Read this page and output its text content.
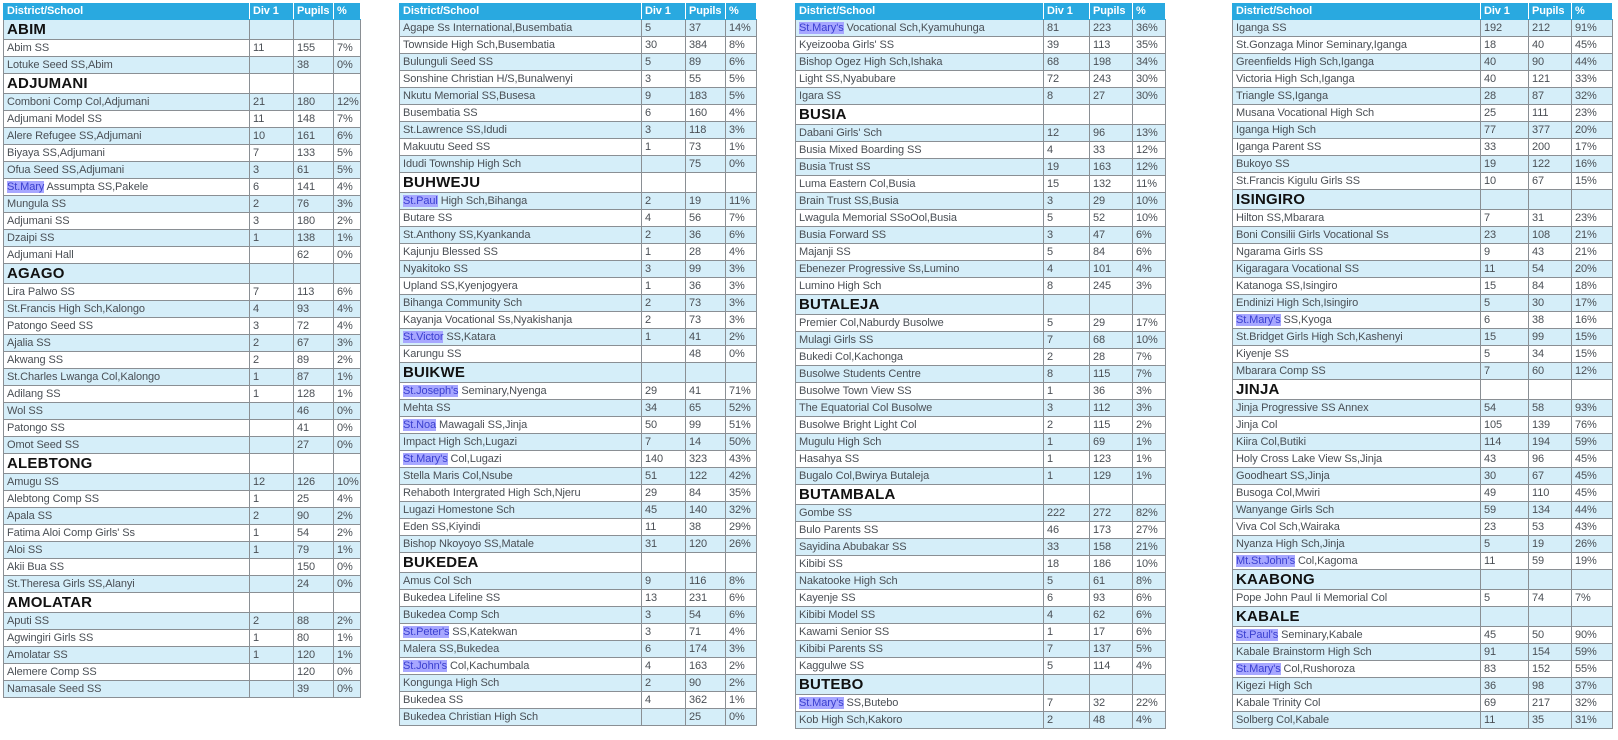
District/School	Div 1	Pupils	%
ABIM			
Abim SS	11	155	7%
Lotuke Seed SS,Abim		38	0%
ADJUMANI			
Comboni Comp Col,Adjumani	21	180	12%
Adjumani Model SS	11	148	7%
Alere Refugee SS,Adjumani	10	161	6%
Biyaya SS,Adjumani	7	133	5%
Ofua Seed SS,Adjumani	3	61	5%
St.Mary Assumpta SS,Pakele	6	141	4%
Mungula SS	2	76	3%
Adjumani SS	3	180	2%
Dzaipi SS	1	138	1%
Adjumani Hall		62	0%
AGAGO			
Lira Palwo SS	7	113	6%
St.Francis High Sch,Kalongo	4	93	4%
Patongo Seed SS	3	72	4%
Ajalia SS	2	67	3%
Akwang SS	2	89	2%
St.Charles Lwanga Col,Kalongo	1	87	1%
Adilang SS	1	128	1%
Wol SS		46	0%
Patongo SS		41	0%
Omot Seed SS		27	0%
ALEBTONG			
Amugu SS	12	126	10%
Alebtong Comp SS	1	25	4%
Apala SS	2	90	2%
Fatima Aloi Comp Girls' Ss	1	54	2%
Aloi SS	1	79	1%
Akii Bua SS		150	0%
St.Theresa Girls SS,Alanyi		24	0%
AMOLATAR			
Aputi SS	2	88	2%
Agwingiri Girls SS	1	80	1%
Amolatar SS	1	120	1%
Alemere Comp SS		120	0%
Namasale Seed SS		39	0%
District/School	Div 1	Pupils	%
Agape Ss International,Busembatia	5	37	14%
Townside High Sch,Busembatia	30	384	8%
Bulunguli Seed SS	5	89	6%
Sonshine Christian H/S,Bunalwenyi	3	55	5%
Nkutu Memorial SS,Busesa	9	183	5%
Busembatia SS	6	160	4%
St.Lawrence SS,Idudi	3	118	3%
Makuutu Seed SS	1	73	1%
Idudi Township High Sch		75	0%
BUHWEJU			
St.Paul High Sch,Bihanga	2	19	11%
Butare SS	4	56	7%
St.Anthony SS,Kyankanda	2	36	6%
Kajunju Blessed SS	1	28	4%
Nyakitoko SS	3	99	3%
Upland SS,Kyenjogyera	1	36	3%
Bihanga Community Sch	2	73	3%
Kayanja Vocational Ss,Nyakishanja	2	73	3%
St.Victor SS,Katara	1	41	2%
Karungu SS		48	0%
BUIKWE			
St.Joseph's Seminary,Nyenga	29	41	71%
Mehta SS	34	65	52%
St.Noa Mawagali SS,Jinja	50	99	51%
Impact High Sch,Lugazi	7	14	50%
St.Mary's Col,Lugazi	140	323	43%
Stella Maris Col,Nsube	51	122	42%
Rehaboth Intergrated High Sch,Njeru	29	84	35%
Lugazi Homestone Sch	45	140	32%
Eden SS,Kiyindi	11	38	29%
Bishop Nkoyoyo SS,Matale	31	120	26%
BUKEDEA			
Amus Col Sch	9	116	8%
Bukedea Lifeline SS	13	231	6%
Bukedea Comp Sch	3	54	6%
St.Peter's SS,Katekwan	3	71	4%
Malera SS,Bukedea	6	174	3%
St.John's Col,Kachumbala	4	163	2%
Kongunga High Sch	2	90	2%
Bukedea SS	4	362	1%
Bukedea Christian High Sch		25	0%
District/School	Div 1	Pupils	%
St.Mary's Vocational Sch,Kyamuhunga	81	223	36%
Kyeizooba Girls' SS	39	113	35%
Bishop Ogez High Sch,Ishaka	68	198	34%
Light SS,Nyabubare	72	243	30%
Igara SS	8	27	30%
BUSIA			
Dabani Girls' Sch	12	96	13%
Busia Mixed Boarding SS	4	33	12%
Busia Trust SS	19	163	12%
Luma Eastern Col,Busia	15	132	11%
Brain Trust SS,Busia	3	29	10%
Lwagula Memorial SSoOol,Busia	5	52	10%
Busia Forward SS	3	47	6%
Majanji SS	5	84	6%
Ebenezer Progressive Ss,Lumino	4	101	4%
Lumino High Sch	8	245	3%
BUTALEJA			
Premier Col,Naburdy Busolwe	5	29	17%
Mulagi Girls SS	7	68	10%
Bukedi Col,Kachonga	2	28	7%
Busolwe Students Centre	8	115	7%
Busolwe Town View SS	1	36	3%
The Equatorial Col Busolwe	3	112	3%
Busolwe Bright Light Col	2	115	2%
Mugulu High Sch	1	69	1%
Hasahya SS	1	123	1%
Bugalo Col,Bwirya Butaleja	1	129	1%
BUTAMBALA			
Gombe SS	222	272	82%
Bulo Parents SS	46	173	27%
Sayidina Abubakar SS	33	158	21%
Kibibi SS	18	186	10%
Nakatooke High Sch	5	61	8%
Kayenje SS	6	93	6%
Kibibi Model SS	4	62	6%
Kawami Senior SS	1	17	6%
Kibibi Parents SS	7	137	5%
Kaggulwe SS	5	114	4%
BUTEBO			
St.Mary's SS,Butebo	7	32	22%
Kob High Sch,Kakoro	2	48	4%
District/School	Div 1	Pupils	%
Iganga SS	192	212	91%
St.Gonzaga Minor Seminary,Iganga	18	40	45%
Greenfields High Sch,Iganga	40	90	44%
Victoria High Sch,Iganga	40	121	33%
Triangle SS,Iganga	28	87	32%
Musana Vocational High Sch	25	111	23%
Iganga High Sch	77	377	20%
Iganga Parent SS	33	200	17%
Bukoyo SS	19	122	16%
St.Francis Kigulu Girls SS	10	67	15%
ISINGIRO			
Hilton SS,Mbarara	7	31	23%
Boni Consilii Girls Vocational Ss	23	108	21%
Ngarama Girls SS	9	43	21%
Kigaragara Vocational SS	11	54	20%
Katanoga SS,Isingiro	15	84	18%
Endinizi High Sch,Isingiro	5	30	17%
St.Mary's SS,Kyoga	6	38	16%
St.Bridget Girls High Sch,Kashenyi	15	99	15%
Kiyenje SS	5	34	15%
Mbarara Comp SS	7	60	12%
JINJA			
Jinja Progressive SS Annex	54	58	93%
Jinja Col	105	139	76%
Kiira Col,Butiki	114	194	59%
Holy Cross Lake View Ss,Jinja	43	96	45%
Goodheart SS,Jinja	30	67	45%
Busoga Col,Mwiri	49	110	45%
Wanyange Girls Sch	59	134	44%
Viva Col Sch,Wairaka	23	53	43%
Nyanza High Sch,Jinja	5	19	26%
Mt.St.John's Col,Kagoma	11	59	19%
KAABONG			
Pope John Paul Ii Memorial Col	5	74	7%
KABALE			
St.Paul's Seminary,Kabale	45	50	90%
Kabale Brainstorm High Sch	91	154	59%
St.Mary's Col,Rushoroza	83	152	55%
Kigezi High Sch	36	98	37%
Kabale Trinity Col	69	217	32%
Solberg Col,Kabale	11	35	31%
